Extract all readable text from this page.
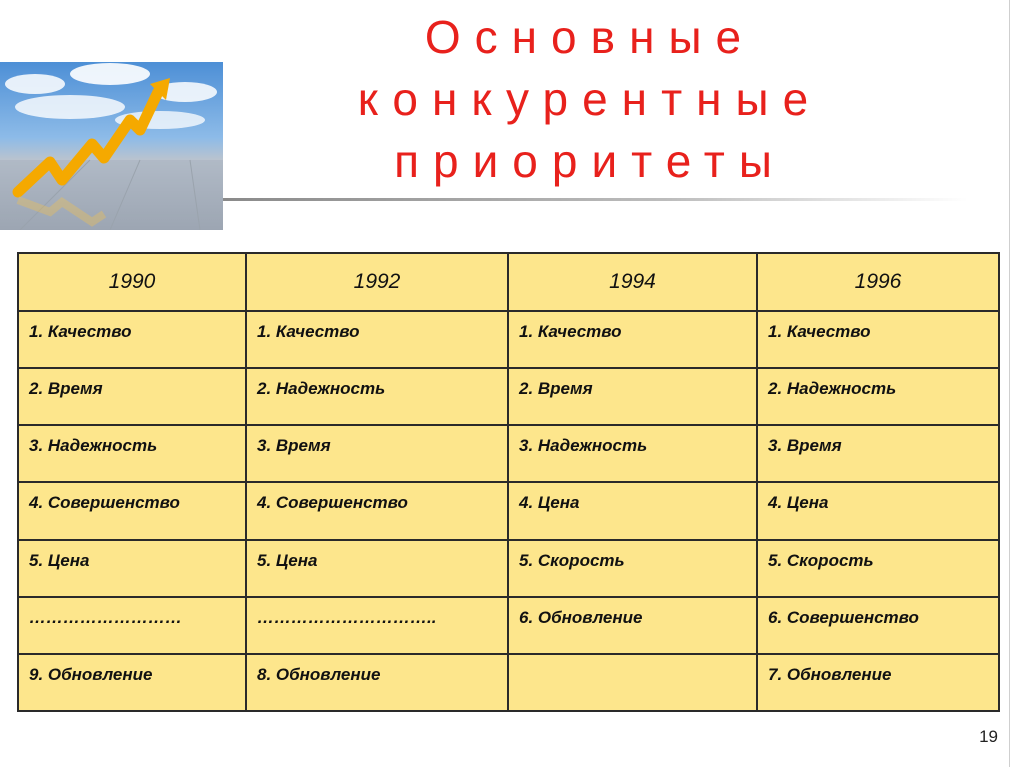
Основные
конкурентные
приоритеты
1990	1992	1994	1996
1. Качество	1. Качество	1. Качество	1. Качество
2. Время	2. Надежность	2. Время	2. Надежность
3. Надежность	3. Время	3. Надежность	3. Время
4. Совершенство	4. Совершенство	4. Цена	4. Цена
5. Цена	5. Цена	5. Скорость	5. Скорость
………………………	…………………………..	6. Обновление	6. Совершенство
9. Обновление	8. Обновление		7. Обновление
19
